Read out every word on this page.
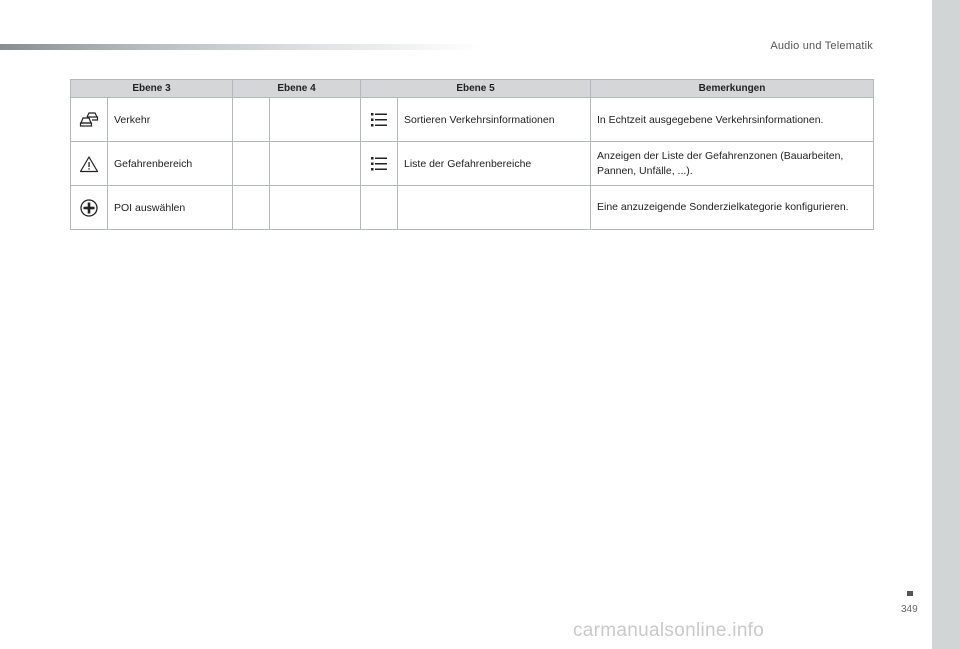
Audio und Telematik
Ebene 3		Ebene 4		Ebene 5		Bemerkungen

	Verkehr				Sortieren Verkehrsinformationen	In Echtzeit ausgegebene Verkehrsinformationen.

	Gefahrenbereich				Liste der Gefahrenbereiche	Anzeigen der Liste der Gefahrenzonen (Bauarbeiten, Pannen, Unfälle, ...).

	POI auswählen					Eine anzuzeigende Sonderzielkategorie konfigurieren.
349
carmanualsonline.info
